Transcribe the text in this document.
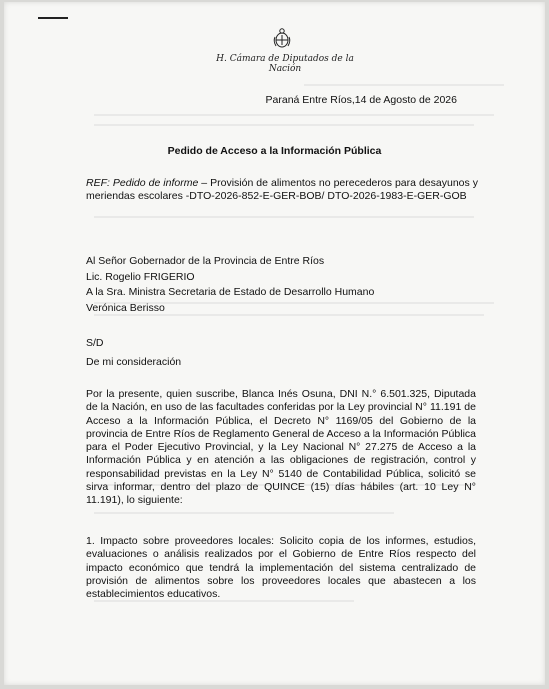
H. Cámara de Diputados de la Nación
Paraná Entre Ríos,14 de Agosto de 2026
Pedido de Acceso a la Información Pública
REF: Pedido de informe – Provisión de alimentos no perecederos para desayunos y meriendas escolares -DTO-2026-852-E-GER-BOB/ DTO-2026-1983-E-GER-GOB
Al Señor Gobernador de la Provincia de Entre Ríos
Lic. Rogelio FRIGERIO
A la Sra. Ministra Secretaria de Estado de Desarrollo Humano
Verónica Berisso
S/D
De mi consideración
Por la presente, quien suscribe, Blanca Inés Osuna, DNI N.° 6.501.325, Diputada de la Nación, en uso de las facultades conferidas por la Ley provincial N° 11.191 de Acceso a la Información Pública, el Decreto N° 1169/05 del Gobierno de la provincia de Entre Ríos de Reglamento General de Acceso a la Información Pública para el Poder Ejecutivo Provincial, y la Ley Nacional N° 27.275 de Acceso a la Información Pública y en atención a las obligaciones de registración, control y responsabilidad previstas en la Ley N° 5140 de Contabilidad Pública, solicitó se sirva informar, dentro del plazo de QUINCE (15) días hábiles (art. 10 Ley N° 11.191), lo siguiente:
1. Impacto sobre proveedores locales: Solicito copia de los informes, estudios, evaluaciones o análisis realizados por el Gobierno de Entre Ríos respecto del impacto económico que tendrá la implementación del sistema centralizado de provisión de alimentos sobre los proveedores locales que abastecen a los establecimientos educativos.
